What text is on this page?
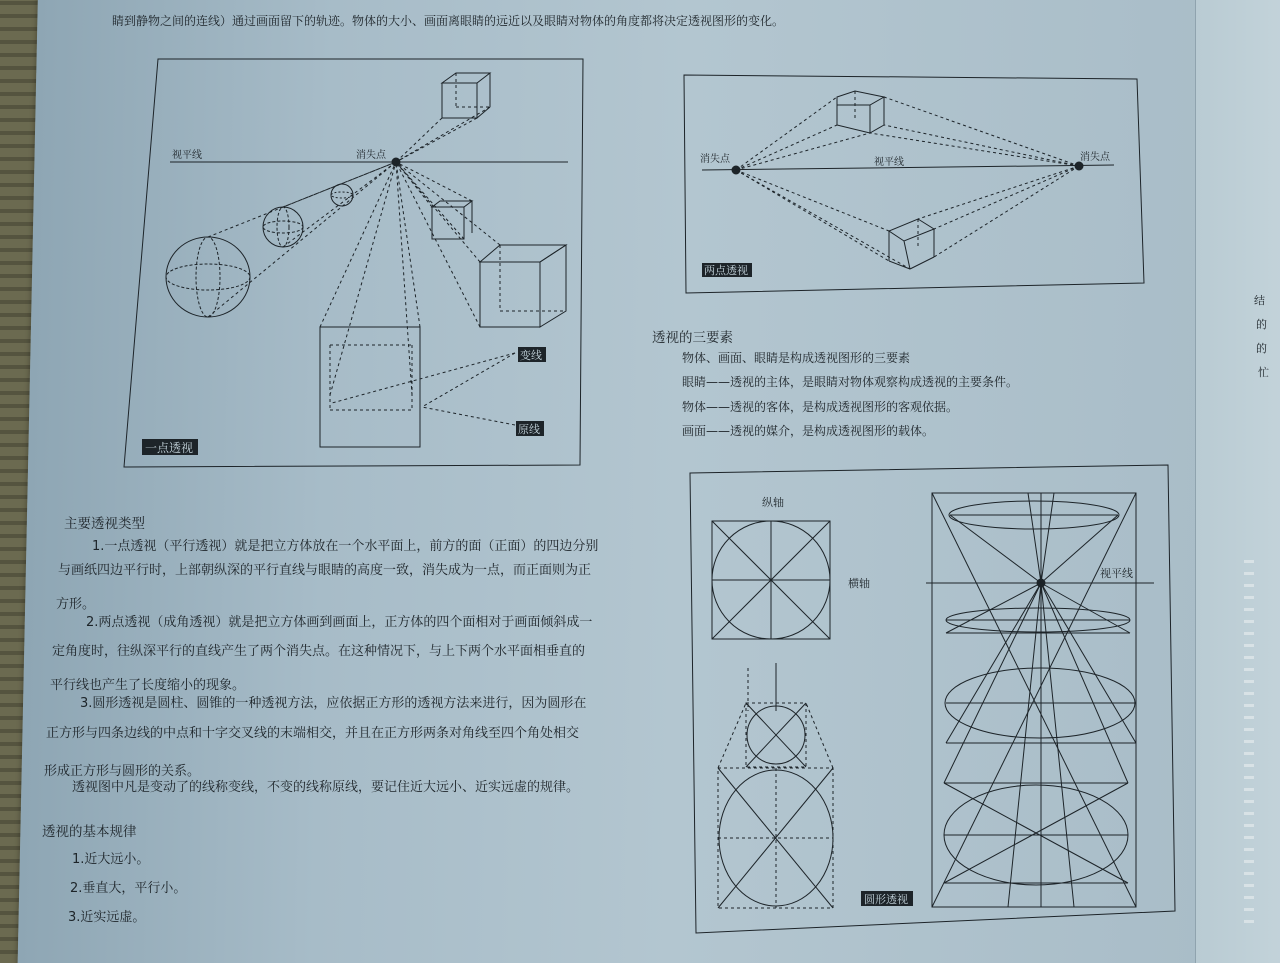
结
的
的
忙
睛到静物之间的连线）通过画面留下的轨迹。物体的大小、画面离眼睛的远近以及眼睛对物体的角度都将决定透视图形的变化。
视平线	消失点
变线
原线
一点透视
消失点	视平线	消失点
两点透视
透视的三要素
物体、画面、眼睛是构成透视图形的三要素
眼睛——透视的主体，是眼睛对物体观察构成透视的主要条件。
物体——透视的客体，是构成透视图形的客观依据。
画面——透视的媒介，是构成透视图形的载体。
主要透视类型
1.一点透视（平行透视）就是把立方体放在一个水平面上，前方的面（正面）的四边分别
与画纸四边平行时，上部朝纵深的平行直线与眼睛的高度一致，消失成为一点，而正面则为正
方形。
2.两点透视（成角透视）就是把立方体画到画面上，正方体的四个面相对于画面倾斜成一
定角度时，往纵深平行的直线产生了两个消失点。在这种情况下，与上下两个水平面相垂直的
平行线也产生了长度缩小的现象。
3.圆形透视是圆柱、圆锥的一种透视方法，应依据正方形的透视方法来进行，因为圆形在
正方形与四条边线的中点和十字交叉线的末端相交，并且在正方形两条对角线至四个角处相交
形成正方形与圆形的关系。
透视图中凡是变动了的线称变线，不变的线称原线，要记住近大远小、近实远虚的规律。
透视的基本规律
1.近大远小。
2.垂直大，平行小。
3.近实远虚。
纵轴
横轴
视平线
圆形透视
